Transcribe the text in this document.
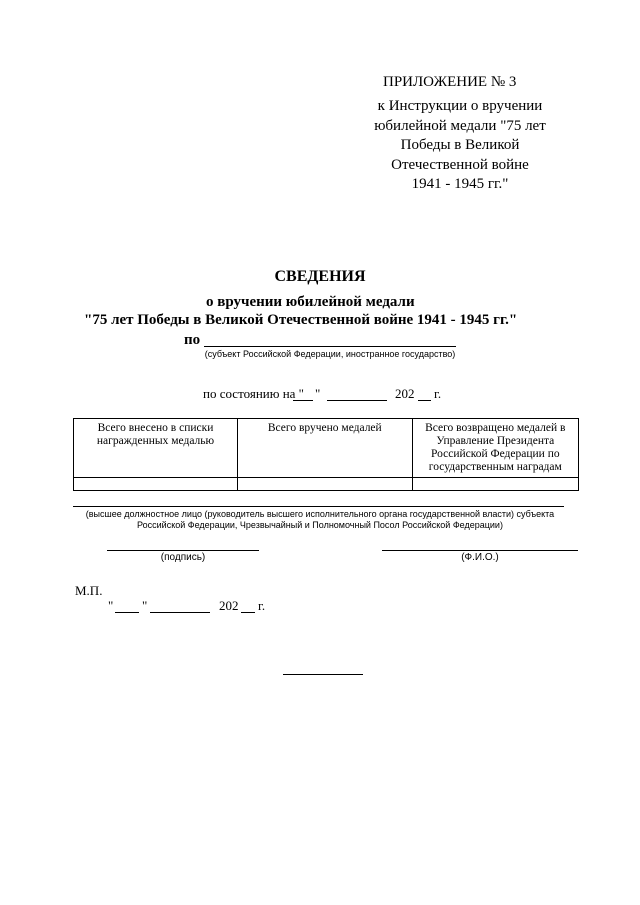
ПРИЛОЖЕНИЕ № 3
к Инструкции о вручении
юбилейной медали "75 лет
Победы в Великой
Отечественной войне
1941 - 1945 гг."
СВЕДЕНИЯ
о вручении юбилейной медали
"75 лет Победы в Великой Отечественной войне 1941 - 1945 гг."
по
(субъект Российской Федерации, иностранное государство)
по состоянию на " "	202 г.
Всего внесено в списки награжденных медалью	Всего вручено медалей	Всего возвращено медалей в Управление Президента Российской Федерации по государственным наградам

(высшее должностное лицо (руководитель высшего исполнительного органа государственной власти) субъекта Российской Федерации, Чрезвычайный и Полномочный Посол Российской Федерации)
(подпись)	(Ф.И.О.)
М.П.
" "	202 г.
